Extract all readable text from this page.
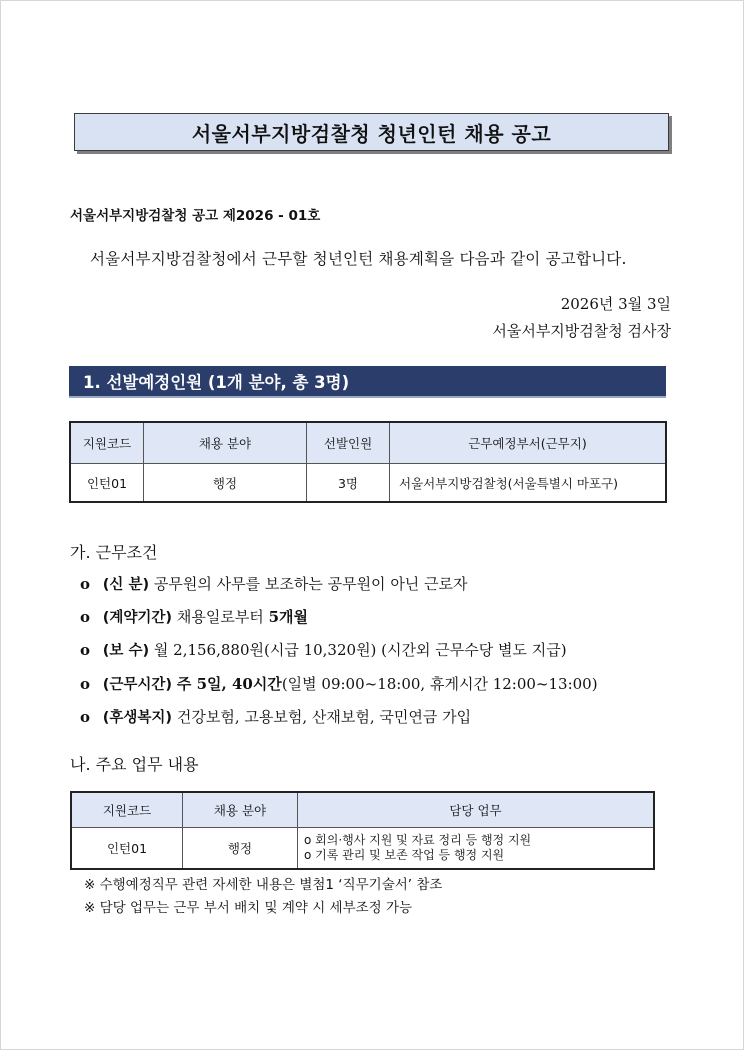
서울서부지방검찰청 청년인턴 채용 공고
서울서부지방검찰청 공고 제2026 - 01호
서울서부지방검찰청에서 근무할 청년인턴 채용계획을 다음과 같이 공고합니다.
2026년 3월 3일
서울서부지방검찰청 검사장
1. 선발예정인원 (1개 분야, 총 3명)
지원코드	채용 분야	선발인원	근무예정부서(근무지)
인턴01	행정	3명	서울서부지방검찰청(서울특별시 마포구)
가. 근무조건
o (신 분) 공무원의 사무를 보조하는 공무원이 아닌 근로자
o (계약기간) 채용일로부터 5개월
o (보 수) 월 2,156,880원(시급 10,320원) (시간외 근무수당 별도 지급)
o (근무시간) 주 5일, 40시간(일별 09:00~18:00, 휴게시간 12:00~13:00)
o (후생복지) 건강보험, 고용보험, 산재보험, 국민연금 가입
나. 주요 업무 내용
지원코드	채용 분야	담당 업무
인턴01	행정	o 회의·행사 지원 및 자료 정리 등 행정 지원
o 기록 관리 및 보존 작업 등 행정 지원
※ 수행예정직무 관련 자세한 내용은 별첨1 ‘직무기술서’ 참조
※ 담당 업무는 근무 부서 배치 및 계약 시 세부조정 가능
